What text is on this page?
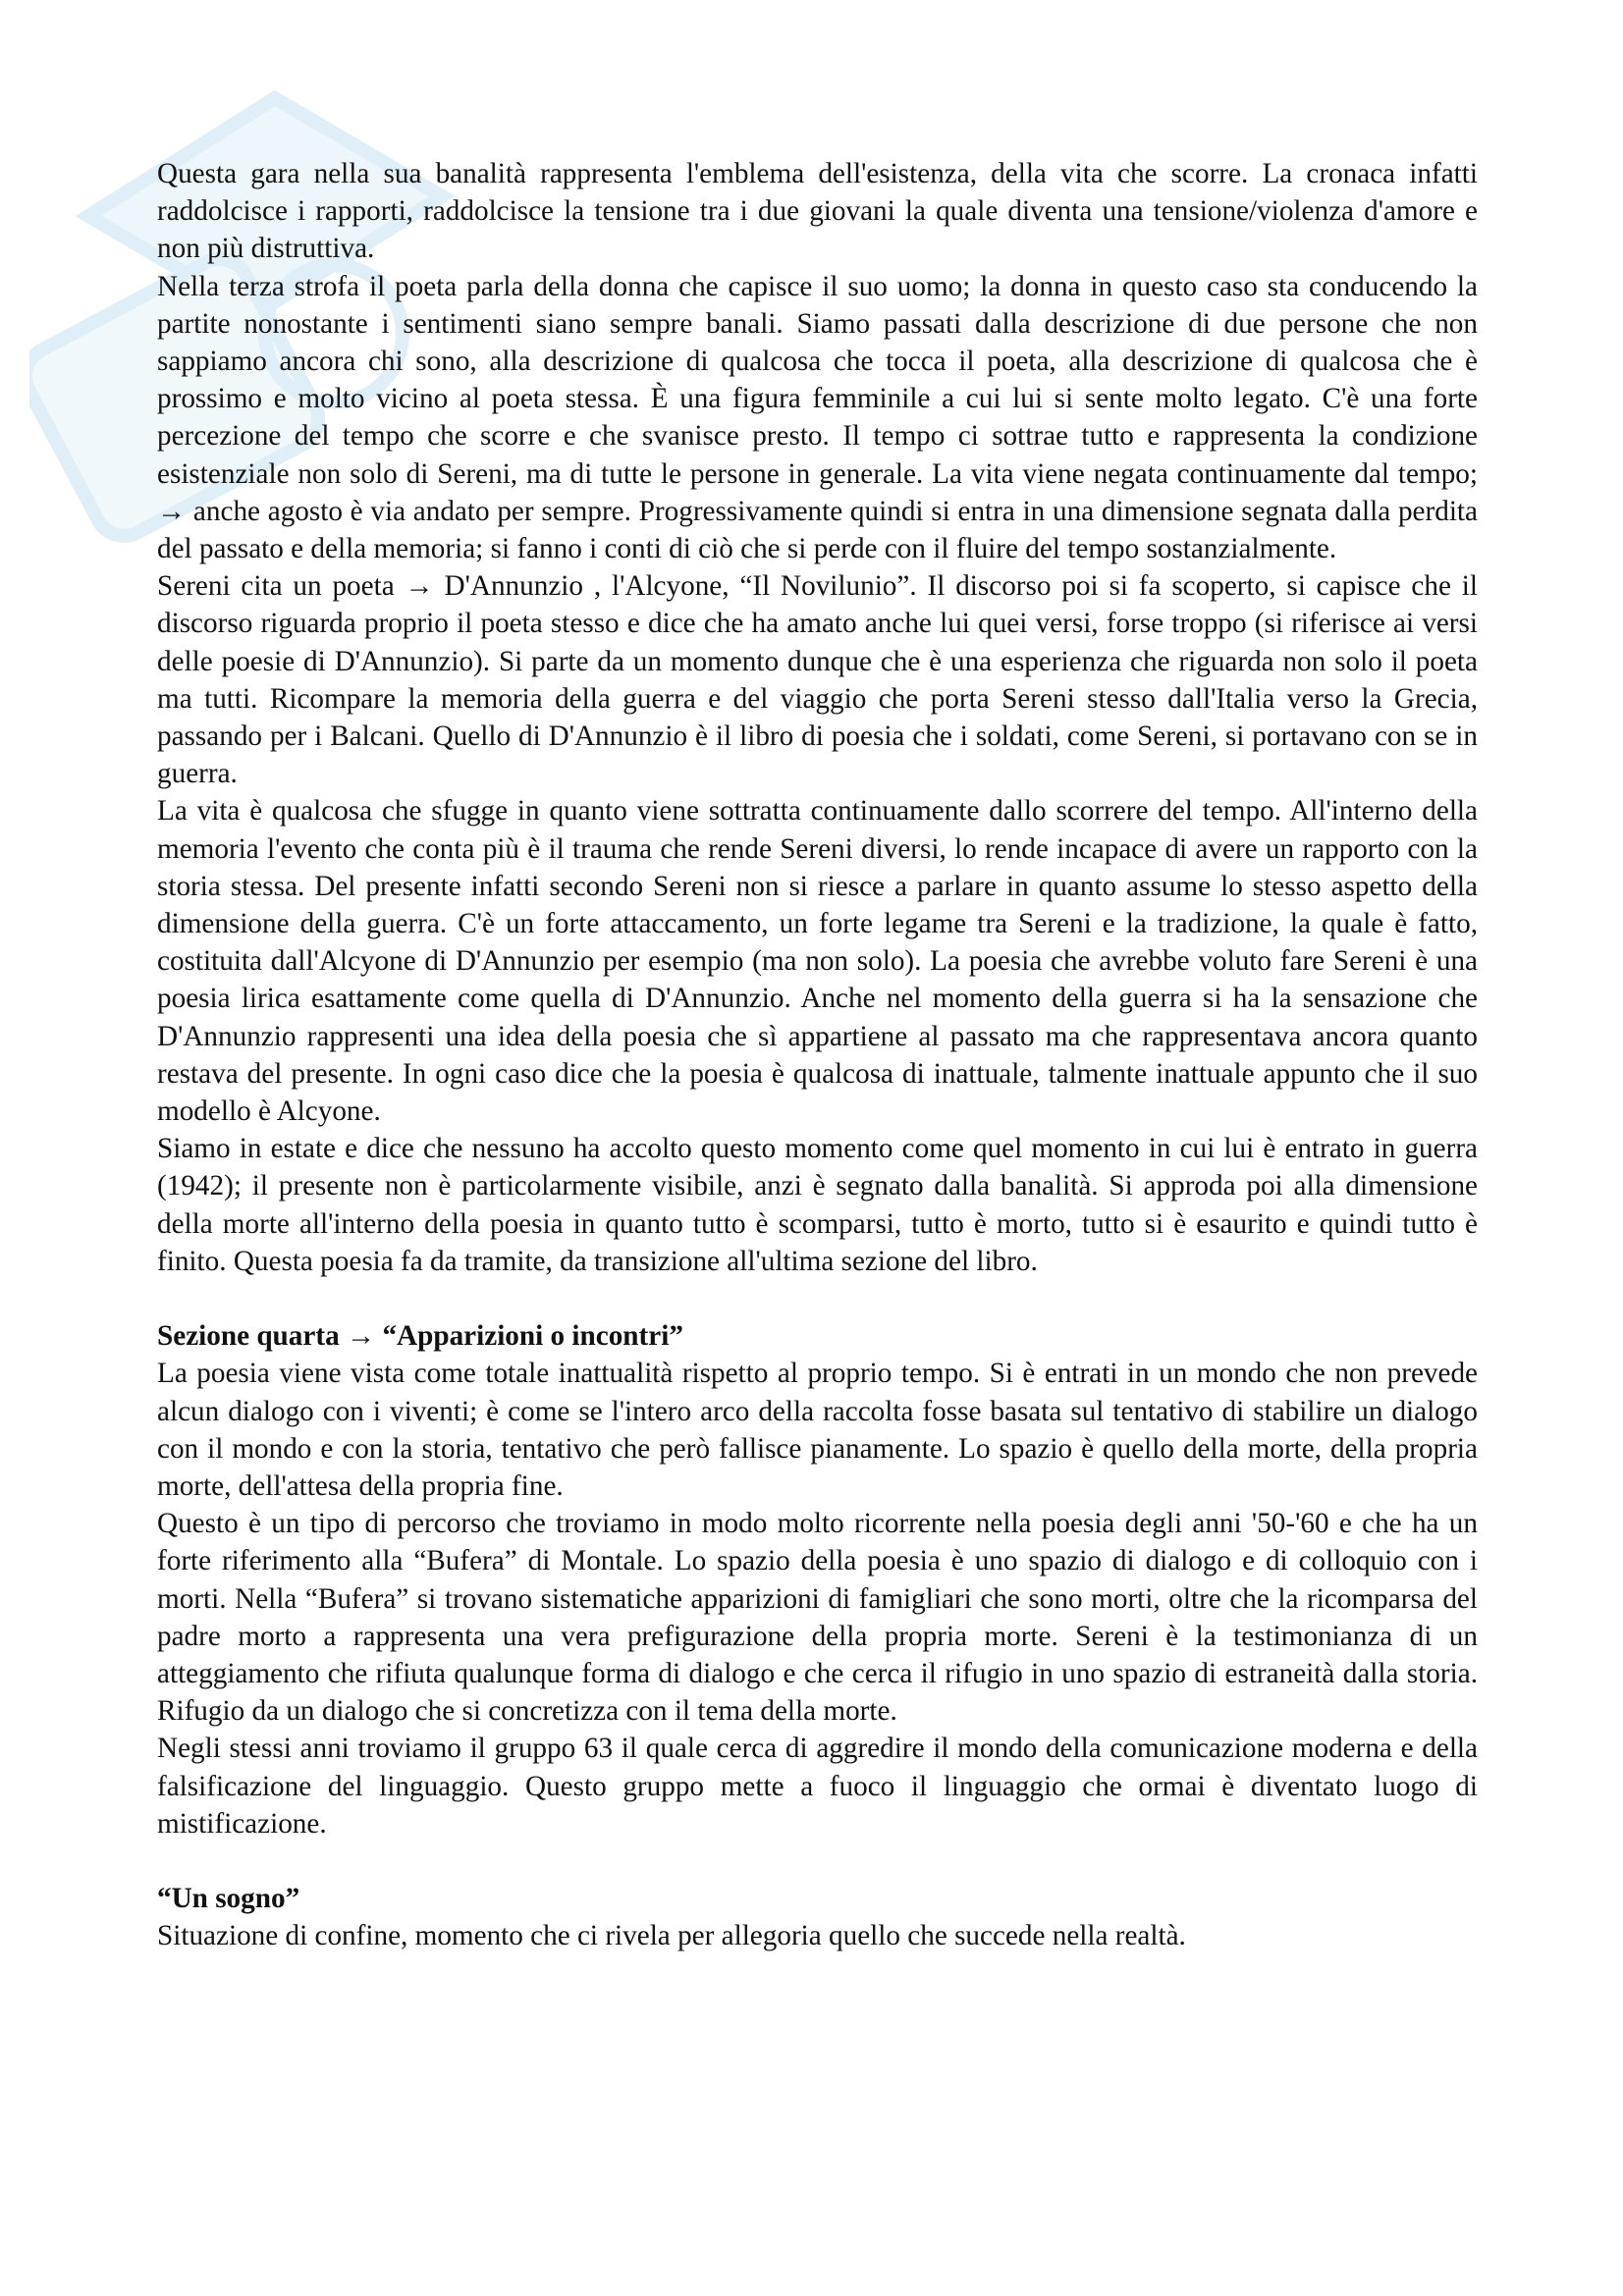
Questa gara nella sua banalità rappresenta l'emblema dell'esistenza, della vita che scorre. La cronaca infatti raddolcisce i rapporti, raddolcisce la tensione tra i due giovani la quale diventa una tensione/violenza d'amore e non più distruttiva.

Nella terza strofa il poeta parla della donna che capisce il suo uomo; la donna in questo caso sta conducendo la partite nonostante i sentimenti siano sempre banali. Siamo passati dalla descrizione di due persone che non sappiamo ancora chi sono, alla descrizione di qualcosa che tocca il poeta, alla descrizione di qualcosa che è prossimo e molto vicino al poeta stessa. È una figura femminile a cui lui si sente molto legato. C'è una forte percezione del tempo che scorre e che svanisce presto. Il tempo ci sottrae tutto e rappresenta la condizione esistenziale non solo di Sereni, ma di tutte le persone in generale. La vita viene negata continuamente dal tempo; → anche agosto è via andato per sempre. Progressivamente quindi si entra in una dimensione segnata dalla perdita del passato e della memoria; si fanno i conti di ciò che si perde con il fluire del tempo sostanzialmente.

Sereni cita un poeta → D'Annunzio , l'Alcyone, “Il Novilunio”. Il discorso poi si fa scoperto, si capisce che il discorso riguarda proprio il poeta stesso e dice che ha amato anche lui quei versi, forse troppo (si riferisce ai versi delle poesie di D'Annunzio). Si parte da un momento dunque che è una esperienza che riguarda non solo il poeta ma tutti. Ricompare la memoria della guerra e del viaggio che porta Sereni stesso dall'Italia verso la Grecia, passando per i Balcani. Quello di D'Annunzio è il libro di poesia che i soldati, come Sereni, si portavano con se in guerra.

La vita è qualcosa che sfugge in quanto viene sottratta continuamente dallo scorrere del tempo. All'interno della memoria l'evento che conta più è il trauma che rende Sereni diversi, lo rende incapace di avere un rapporto con la storia stessa. Del presente infatti secondo Sereni non si riesce a parlare in quanto assume lo stesso aspetto della dimensione della guerra. C'è un forte attaccamento, un forte legame tra Sereni e la tradizione, la quale è fatto, costituita dall'Alcyone di D'Annunzio per esempio (ma non solo). La poesia che avrebbe voluto fare Sereni è una poesia lirica esattamente come quella di D'Annunzio. Anche nel momento della guerra si ha la sensazione che D'Annunzio rappresenti una idea della poesia che sì appartiene al passato ma che rappresentava ancora quanto restava del presente. In ogni caso dice che la poesia è qualcosa di inattuale, talmente inattuale appunto che il suo modello è Alcyone.

Siamo in estate e dice che nessuno ha accolto questo momento come quel momento in cui lui è entrato in guerra (1942); il presente non è particolarmente visibile, anzi è segnato dalla banalità. Si approda poi alla dimensione della morte all'interno della poesia in quanto tutto è scomparsi, tutto è morto, tutto si è esaurito e quindi tutto è finito. Questa poesia fa da tramite, da transizione all'ultima sezione del libro.

Sezione quarta → “Apparizioni o incontri”

La poesia viene vista come totale inattualità rispetto al proprio tempo. Si è entrati in un mondo che non prevede alcun dialogo con i viventi; è come se l'intero arco della raccolta fosse basata sul tentativo di stabilire un dialogo con il mondo e con la storia, tentativo che però fallisce pianamente. Lo spazio è quello della morte, della propria morte, dell'attesa della propria fine.

Questo è un tipo di percorso che troviamo in modo molto ricorrente nella poesia degli anni '50-'60 e che ha un forte riferimento alla “Bufera” di Montale. Lo spazio della poesia è uno spazio di dialogo e di colloquio con i morti. Nella “Bufera” si trovano sistematiche apparizioni di famigliari che sono morti, oltre che la ricomparsa del padre morto a rappresenta una vera prefigurazione della propria morte. Sereni è la testimonianza di un atteggiamento che rifiuta qualunque forma di dialogo e che cerca il rifugio in uno spazio di estraneità dalla storia. Rifugio da un dialogo che si concretizza con il tema della morte.

Negli stessi anni troviamo il gruppo 63 il quale cerca di aggredire il mondo della comunicazione moderna e della falsificazione del linguaggio. Questo gruppo mette a fuoco il linguaggio che ormai è diventato luogo di mistificazione.

“Un sogno”

Situazione di confine, momento che ci rivela per allegoria quello che succede nella realtà.
